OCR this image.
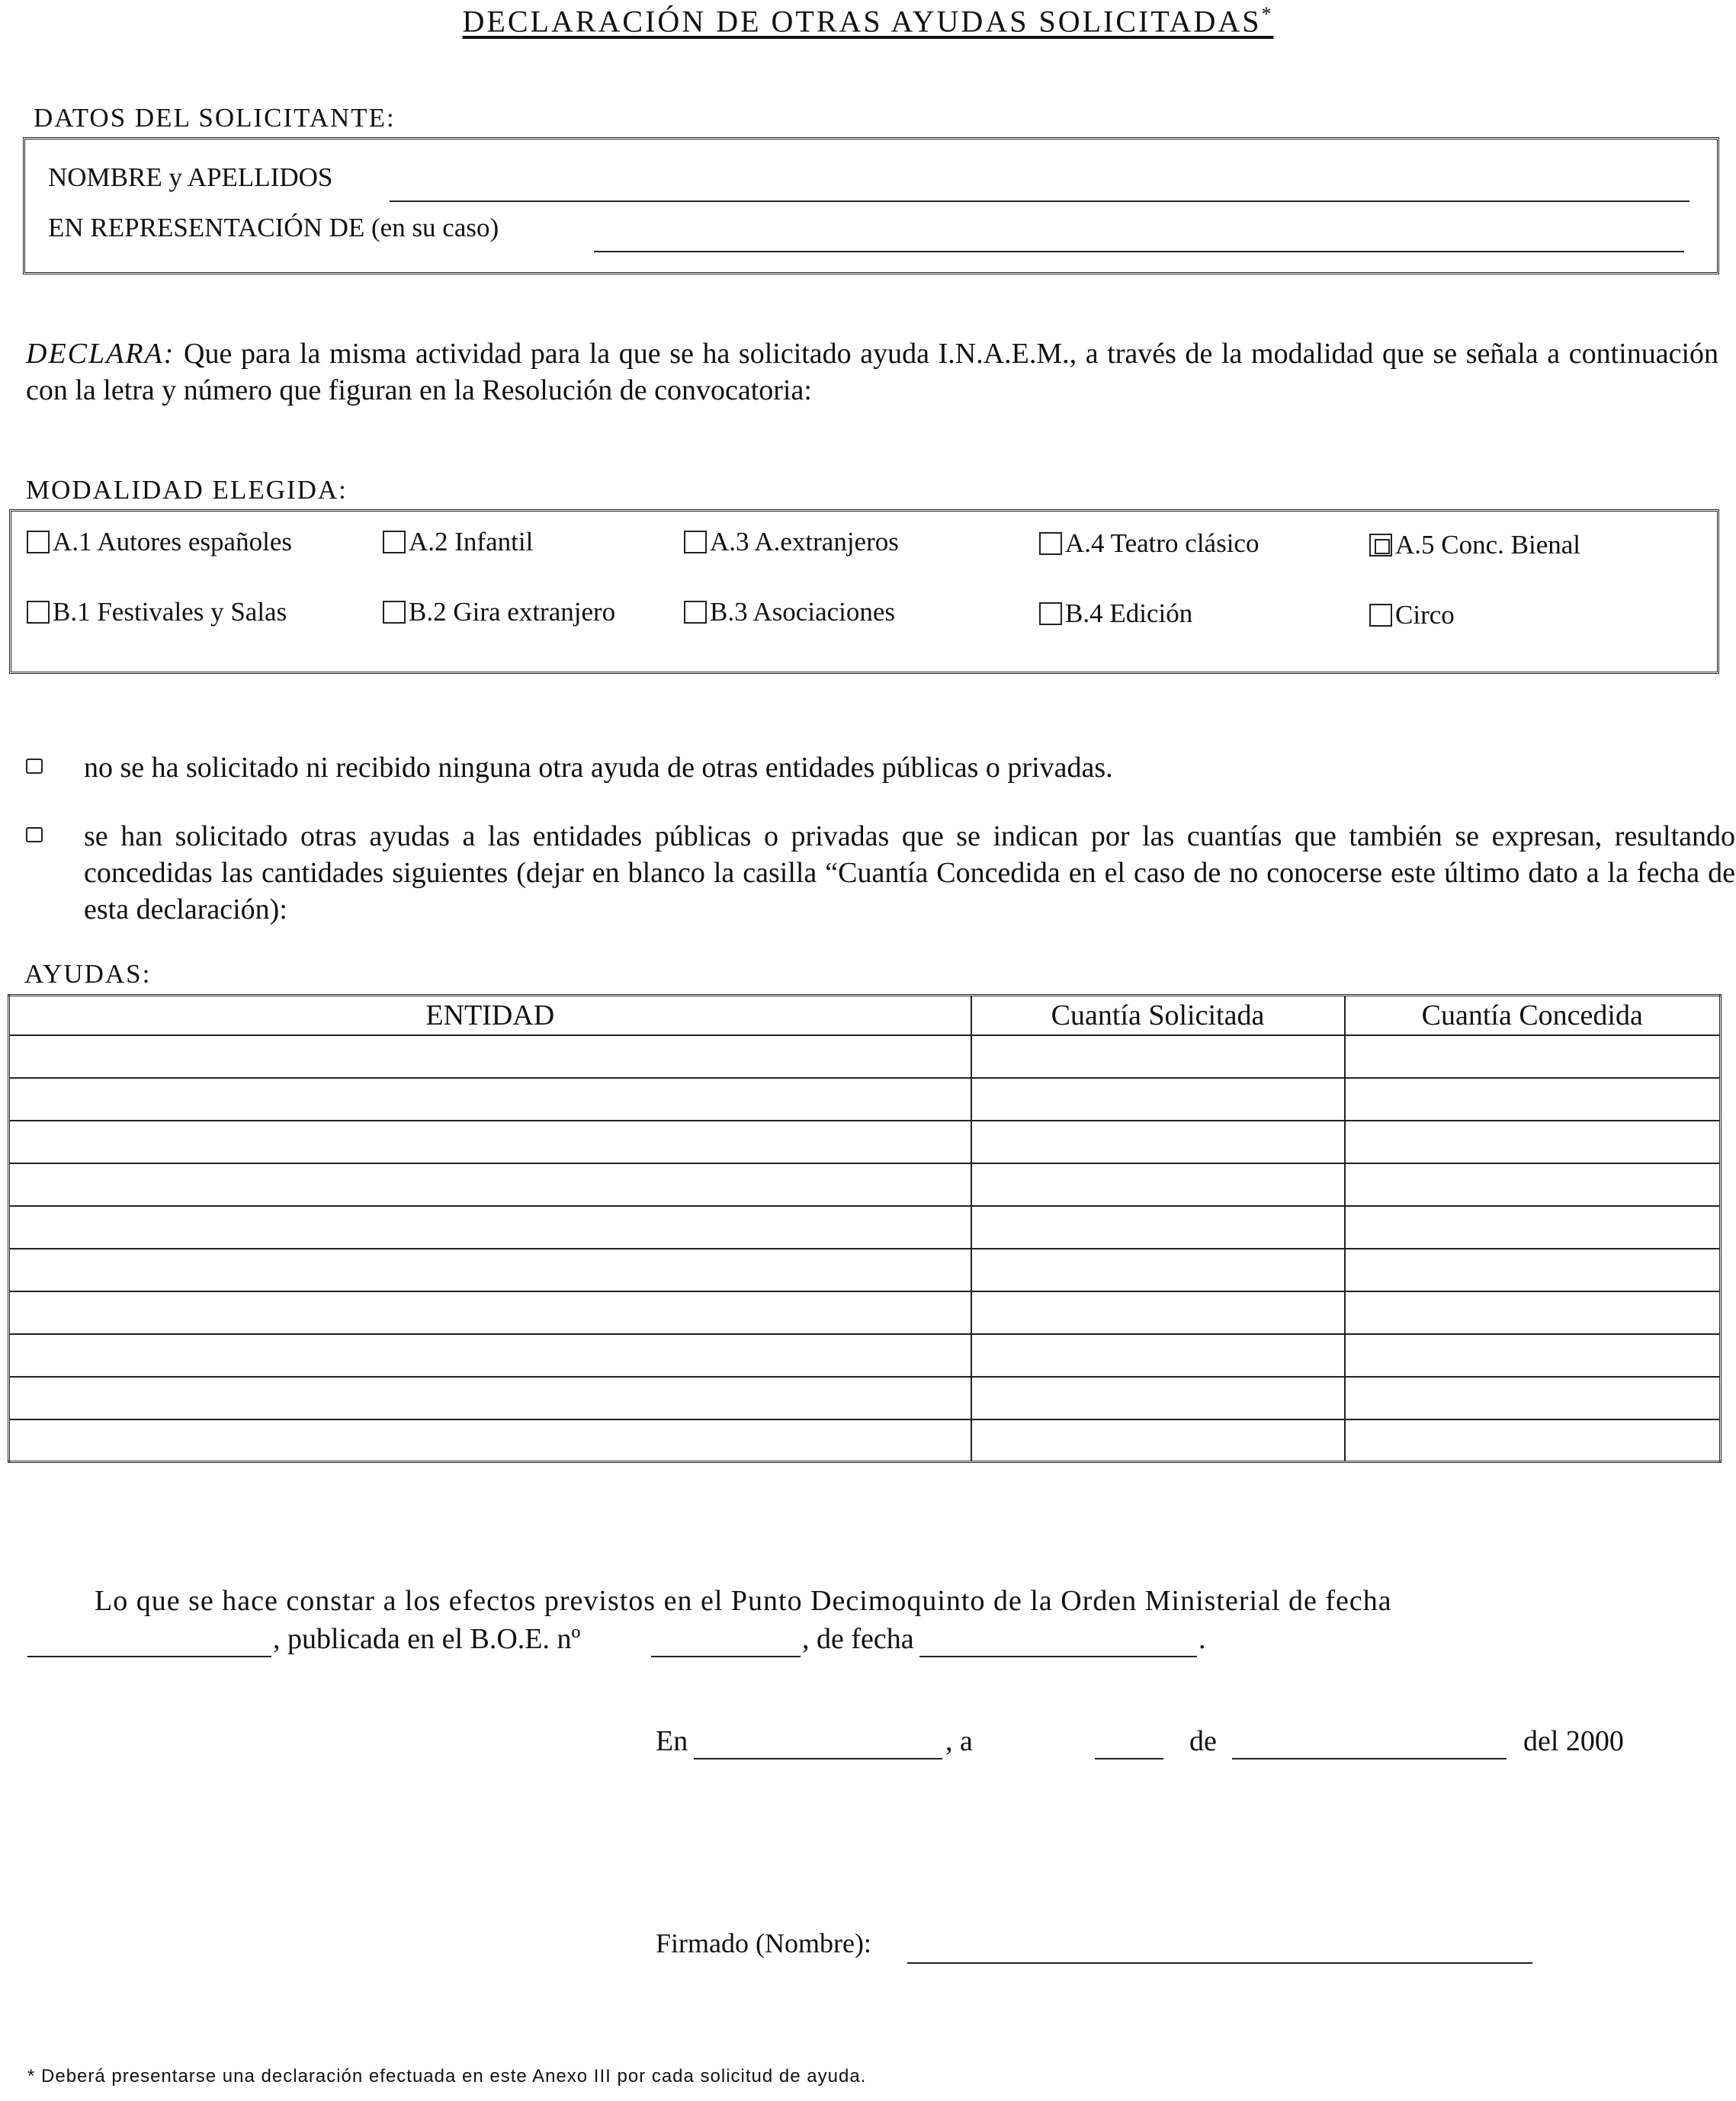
DECLARACIÓN DE OTRAS AYUDAS SOLICITADAS*
DATOS DEL SOLICITANTE:
NOMBRE y APELLIDOS
EN REPRESENTACIÓN DE (en su caso)
DECLARA: Que para la misma actividad para la que se ha solicitado ayuda I.N.A.E.M., a través de la modalidad que se señala a continuación con la letra y número que figuran en la Resolución de convocatoria:
MODALIDAD ELEGIDA:
A.1 Autores españoles	A.2 Infantil	A.3 A.extranjeros	A.4 Teatro clásico	A.5 Conc. Bienal
B.1 Festivales y Salas	B.2 Gira extranjero	B.3 Asociaciones	B.4 Edición	Circo
no se ha solicitado ni recibido ninguna otra ayuda de otras entidades públicas o privadas.
se han solicitado otras ayudas a las entidades públicas o privadas que se indican por las cuantías que también se expresan, resultando concedidas las cantidades siguientes (dejar en blanco la casilla “Cuantía Concedida en el caso de no conocerse este último dato a la fecha de esta declaración):
AYUDAS:
ENTIDAD	Cuantía Solicitada	Cuantía Concedida

Lo que se hace constar a los efectos previstos en el Punto Decimoquinto de la Orden Ministerial de fecha
, publicada en el B.O.E. nº	, de fecha	.
En	, a	de	del 2000
Firmado (Nombre):
* Deberá presentarse una declaración efectuada en este Anexo III por cada solicitud de ayuda.
